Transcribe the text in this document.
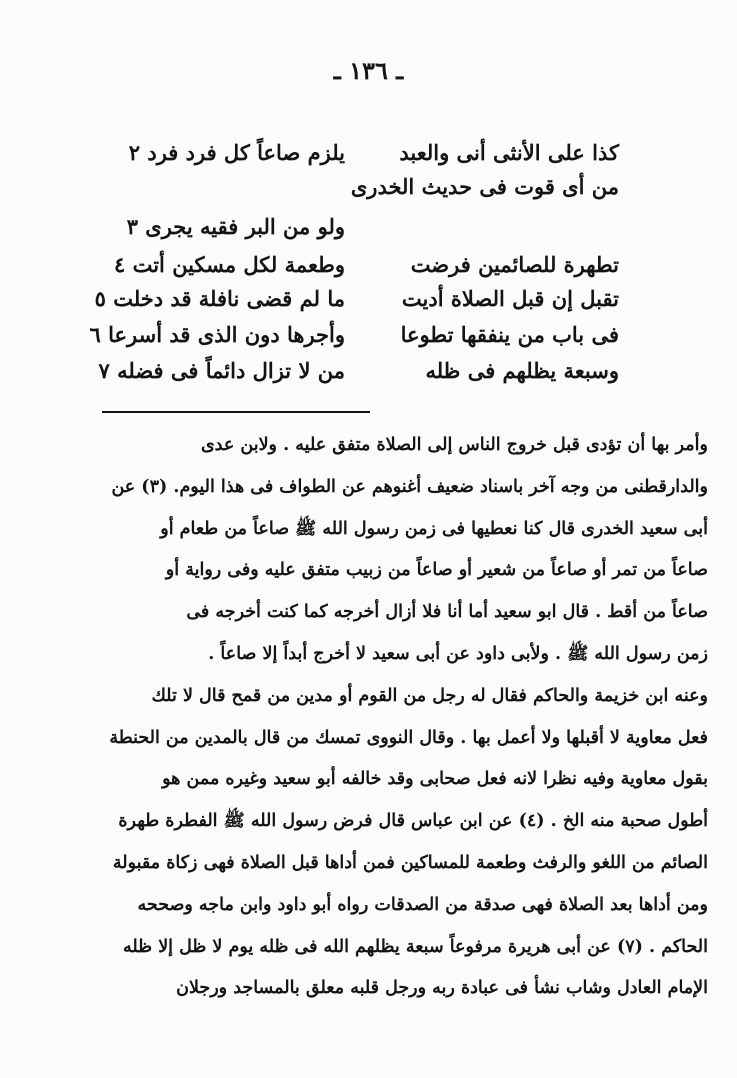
ـ ١٣٦ ـ
كذا على الأنثى أنى والعبد
يلزم صاعاً كل فرد فرد ٢
من أى قوت فى حديث الخدرى
ولو من البر فقيه يجرى ٣
تطهرة للصائمين فرضت
وطعمة لكل مسكين أتت ٤
تقبل إن قبل الصلاة أديت
ما لم قضى نافلة قد دخلت ٥
فى باب من ينفقها تطوعا
وأجرها دون الذى قد أسرعا ٦
وسبعة يظلهم فى ظله
من لا تزال دائماً فى فضله ٧
وأمر بها أن تؤدى قبل خروج الناس إلى الصلاة متفق عليه . ولابن عدى
والدارقطنى من وجه آخر باسناد ضعيف أغنوهم عن الطواف فى هذا اليوم. (٣) عن
أبى سعيد الخدرى قال كنا نعطيها فى زمن رسول الله ﷺ صاعاً من طعام أو
صاعاً من تمر أو صاعاً من شعير أو صاعاً من زبيب متفق عليه وفى رواية أو
صاعاً من أقط . قال ابو سعيد أما أنا فلا أزال أخرجه كما كنت أخرجه فى
زمن رسول الله ﷺ . ولأبى داود عن أبى سعيد لا أخرج أبداً إلا صاعاً .
وعنه ابن خزيمة والحاكم فقال له رجل من القوم أو مدين من قمح قال لا تلك
فعل معاوية لا أقبلها ولا أعمل بها . وقال النووى تمسك من قال بالمدين من الحنطة
بقول معاوية وفيه نظرا لانه فعل صحابى وقد خالفه أبو سعيد وغيره ممن هو
أطول صحبة منه الخ . (٤) عن ابن عباس قال فرض رسول الله ﷺ الفطرة طهرة
الصائم من اللغو والرفث وطعمة للمساكين فمن أداها قبل الصلاة فهى زكاة مقبولة
ومن أداها بعد الصلاة فهى صدقة من الصدقات رواه أبو داود وابن ماجه وصححه
الحاكم . (٧) عن أبى هريرة مرفوعاً سبعة يظلهم الله فى ظله يوم لا ظل إلا ظله
الإمام العادل وشاب نشأ فى عبادة ربه ورجل قلبه معلق بالمساجد ورجلان
